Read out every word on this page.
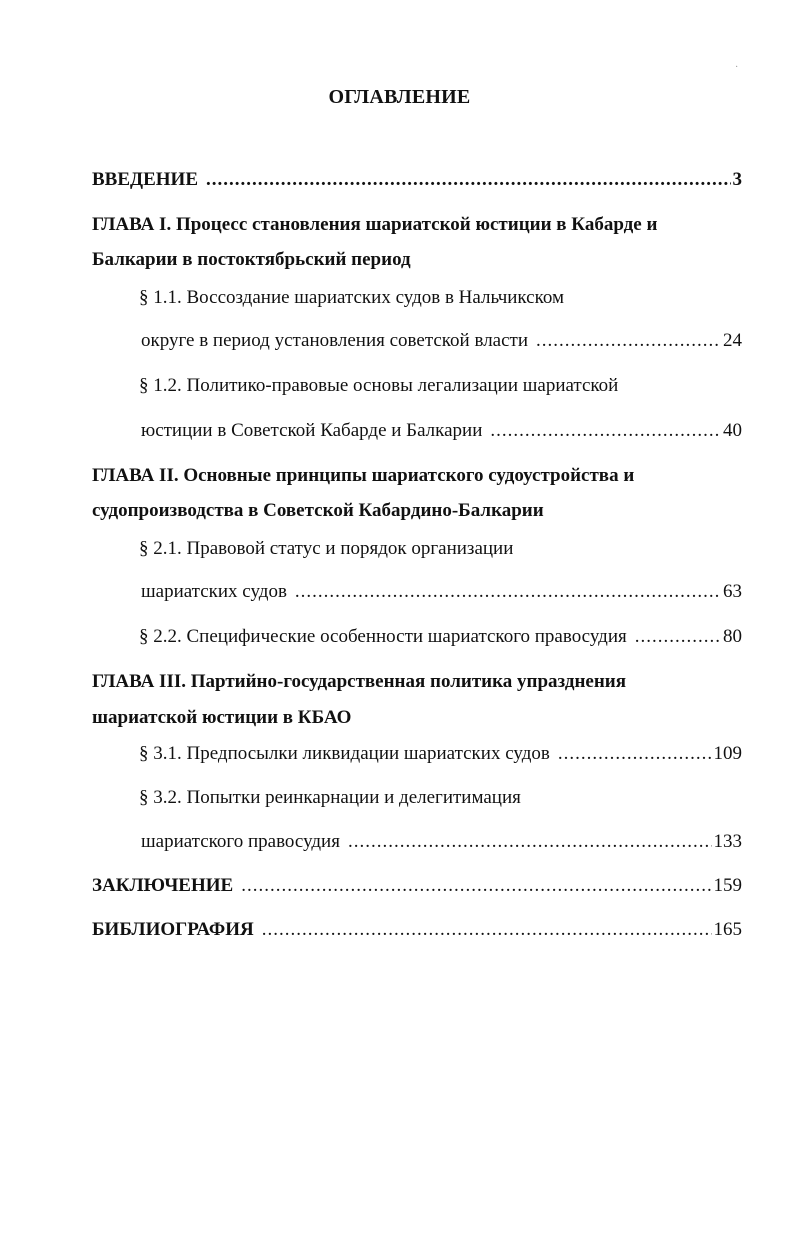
·
ОГЛАВЛЕНИЕ
ВВЕДЕНИЕ .....	3
ГЛАВА I. Процесс становления шариатской юстиции в Кабарде и
Балкарии в постоктябрьский период
§ 1.1. Воссоздание шариатских судов в Нальчикском
округе в период установления советской власти .....	24
§ 1.2. Политико-правовые основы легализации шариатской
юстиции в Советской Кабарде и Балкарии .....	40
ГЛАВА II. Основные принципы шариатского судоустройства и
судопроизводства в Советской Кабардино-Балкарии
§ 2.1. Правовой статус и порядок организации
шариатских судов .....	63
§ 2.2. Специфические особенности шариатского правосудия .....	80
ГЛАВА III. Партийно-государственная политика упразднения
шариатской юстиции в КБАО
§ 3.1. Предпосылки ликвидации шариатских судов .....	109
§ 3.2. Попытки реинкарнации и делегитимация
шариатского правосудия .....	133
ЗАКЛЮЧЕНИЕ .....	159
БИБЛИОГРАФИЯ .....	165
